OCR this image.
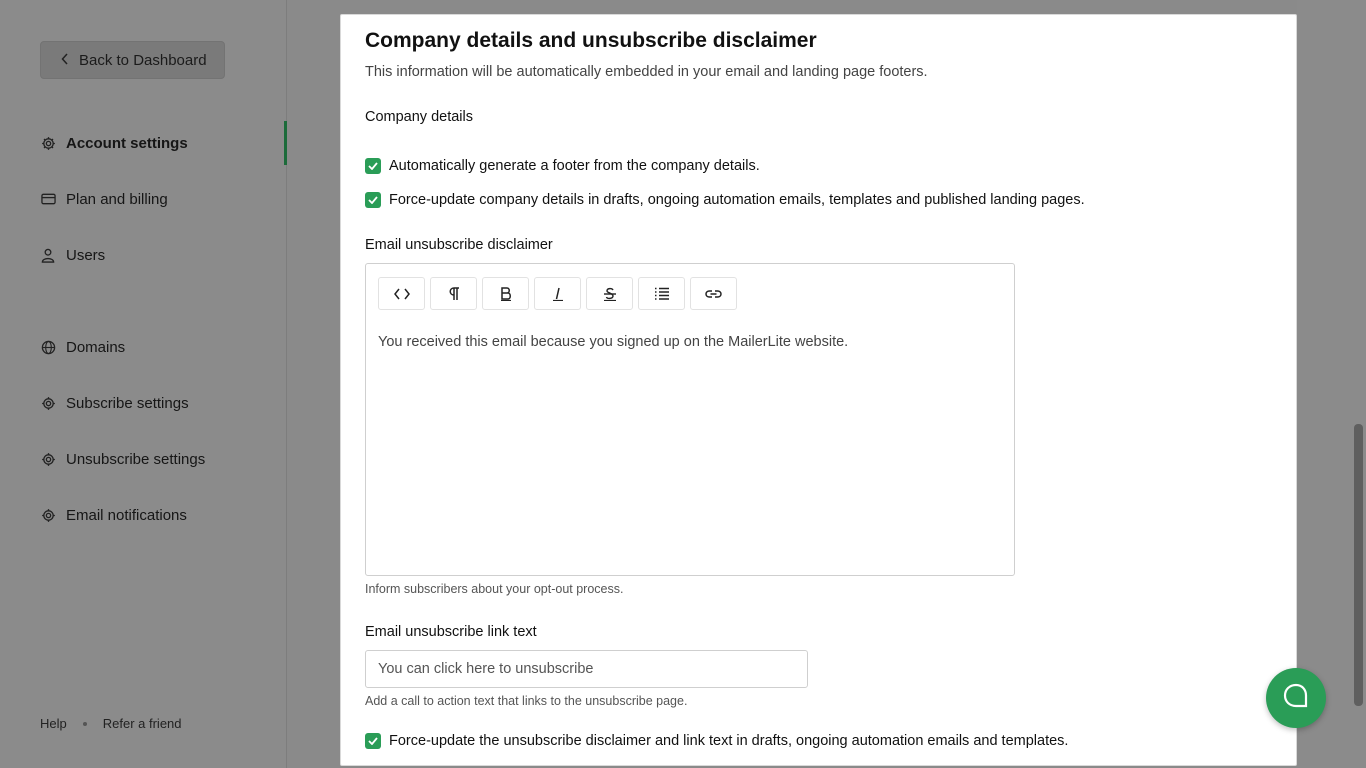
Back to Dashboard
Account settings
Plan and billing
Users
Domains
Subscribe settings
Unsubscribe settings
Email notifications
Help	Refer a friend
Company details and unsubscribe disclaimer
This information will be automatically embedded in your email and landing page footers.
Company details
Automatically generate a footer from the company details.
Force-update company details in drafts, ongoing automation emails, templates and published landing pages.
Email unsubscribe disclaimer
You received this email because you signed up on the MailerLite website.
Inform subscribers about your opt-out process.
Email unsubscribe link text
You can click here to unsubscribe
Add a call to action text that links to the unsubscribe page.
Force-update the unsubscribe disclaimer and link text in drafts, ongoing automation emails and templates.
